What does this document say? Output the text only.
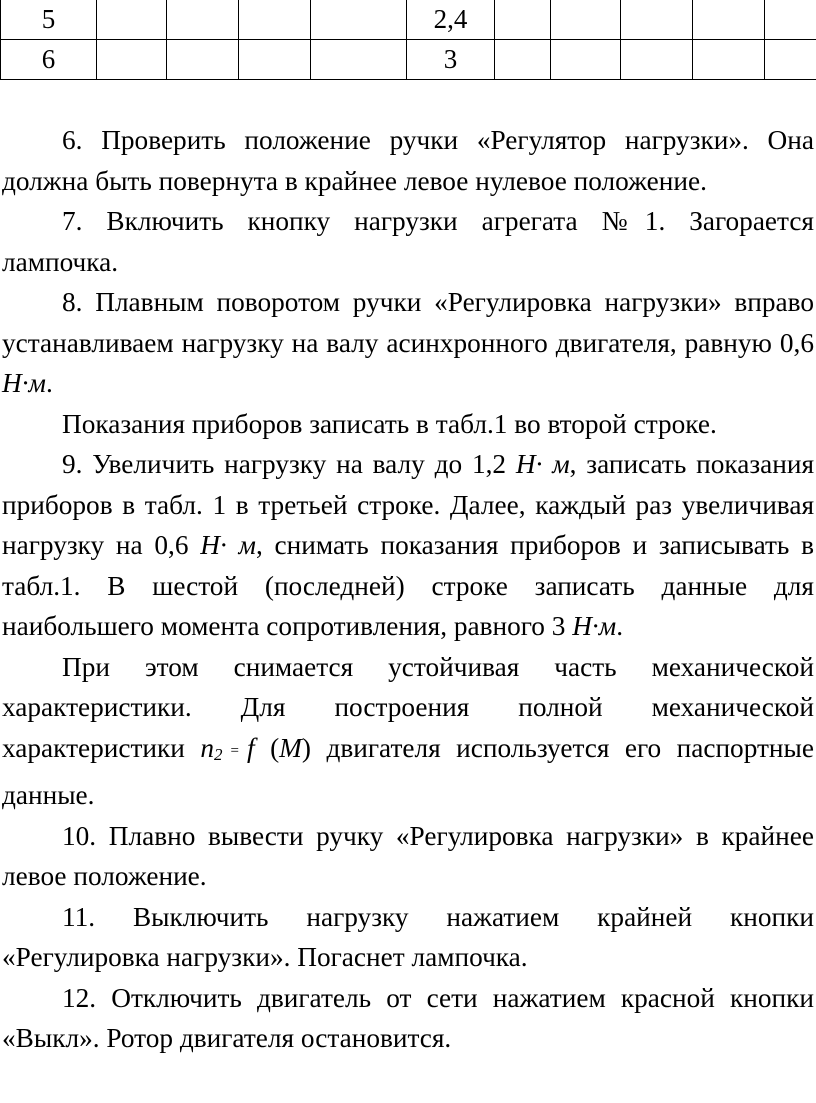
5					2,4					
6					3					

6. Проверить положение ручки «Регулятор нагрузки». Она должна быть повернута в крайнее левое нулевое положение.

7. Включить кнопку нагрузки агрегата №1. Загорается лампочка.

8. Плавным поворотом ручки «Регулировка нагрузки» вправо устанавливаем нагрузку на валу асинхронного двигателя, равную 0,6 Н·м.

Показания приборов записать в табл.1 во второй строке.

9. Увеличить нагрузку на валу до 1,2 Н· м, записать показания приборов в табл. 1 в третьей строке. Далее, каждый раз увеличивая нагрузку на 0,6 Н· м, снимать показания приборов и записывать в табл.1. В шестой (последней) строке записать данные для наибольшего момента сопротивления, равного 3 Н·м.

При этом снимается устойчивая часть механической характеристики. Для построения полной механической характеристики n2 = f (M) двигателя используется его паспортные данные.

10. Плавно вывести ручку «Регулировка нагрузки» в крайнее левое положение.

11. Выключить нагрузку нажатием крайней кнопки «Регулировка нагрузки». Погаснет лампочка.

12. Отключить двигатель от сети нажатием красной кнопки «Выкл». Ротор двигателя остановится.
